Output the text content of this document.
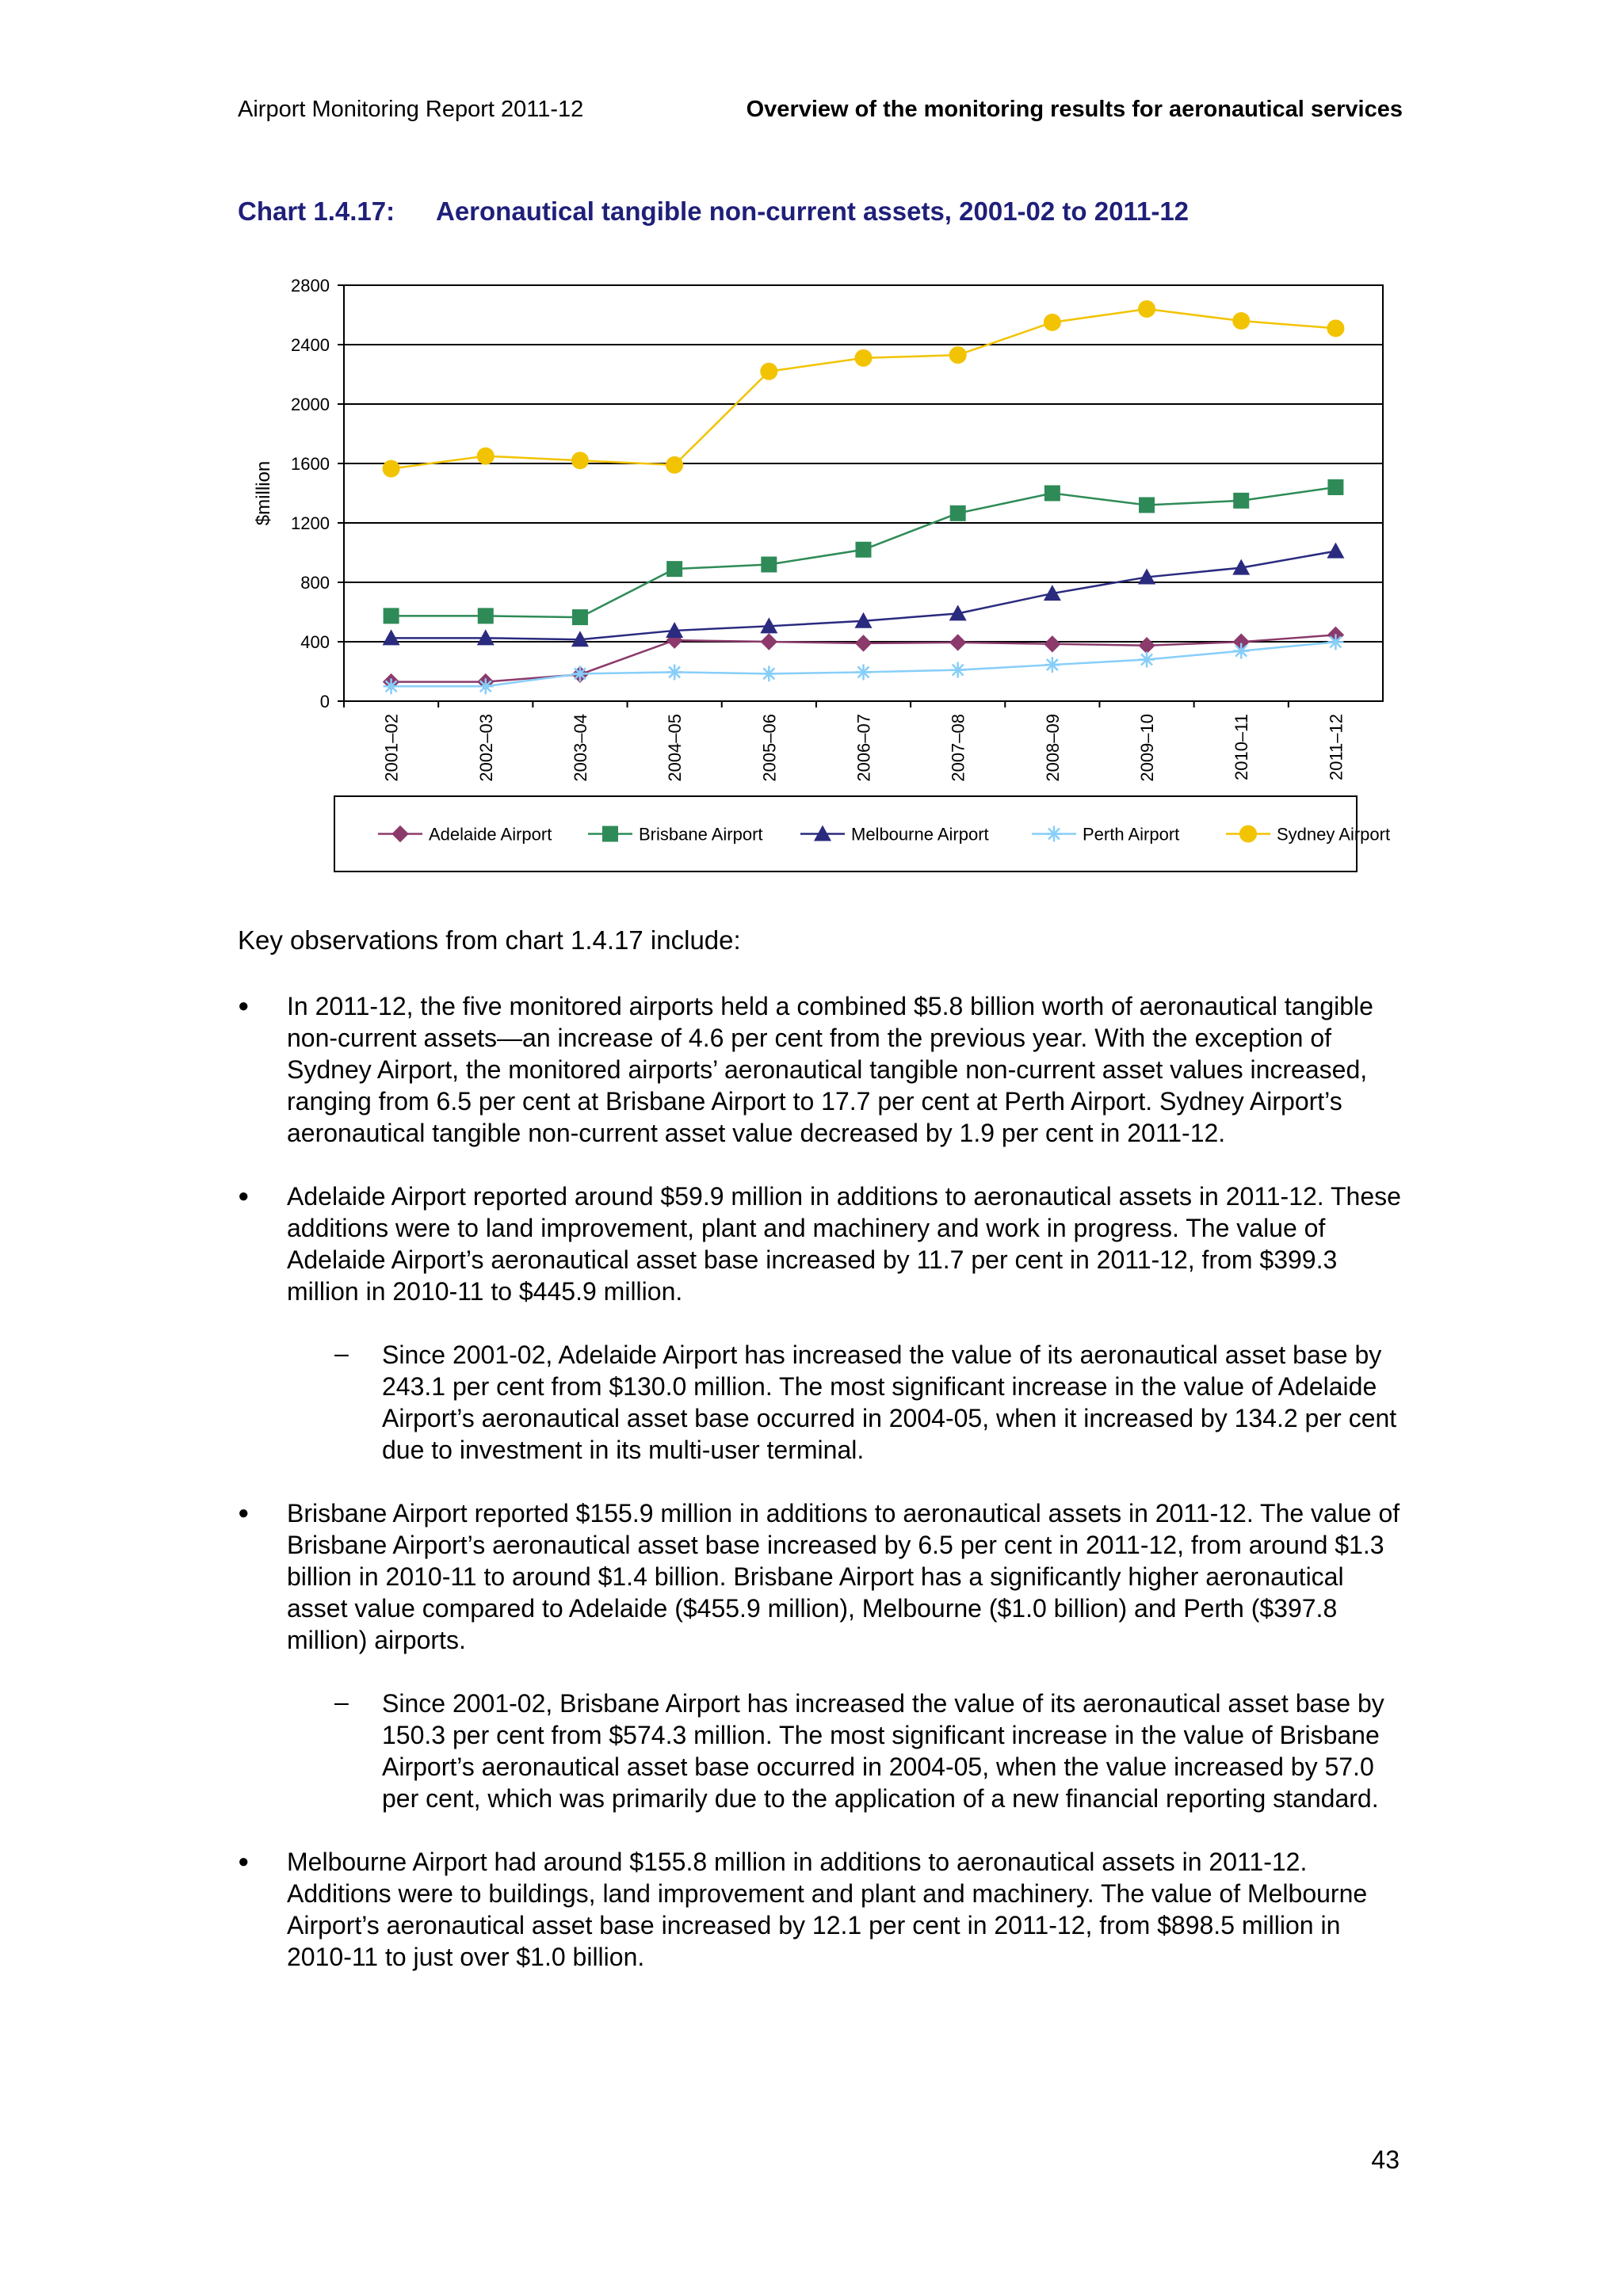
Airport Monitoring Report 2011-12	Overview of the monitoring results for aeronautical services
Chart 1.4.17: Aeronautical tangible non-current assets, 2001-02 to 2011-12
0
400
800
1200
1600
2000
2400
2800
$million
2001–02	2002–03	2003–04	2004–05	2005–06	2006–07	2007–08	2008–09	2009–10	2010–11	2011–12
Adelaide Airport	Brisbane Airport	Melbourne Airport	Perth Airport	Sydney Airport
Key observations from chart 1.4.17 include:
● In 2011-12, the five monitored airports held a combined $5.8 billion worth of aeronautical tangible non-current assets—an increase of 4.6 per cent from the previous year. With the exception of Sydney Airport, the monitored airports’ aeronautical tangible non-current asset values increased, ranging from 6.5 per cent at Brisbane Airport to 17.7 per cent at Perth Airport. Sydney Airport’s aeronautical tangible non-current asset value decreased by 1.9 per cent in 2011-12.
● Adelaide Airport reported around $59.9 million in additions to aeronautical assets in 2011-12. These additions were to land improvement, plant and machinery and work in progress. The value of Adelaide Airport’s aeronautical asset base increased by 11.7 per cent in 2011-12, from $399.3 million in 2010-11 to $445.9 million.
– Since 2001-02, Adelaide Airport has increased the value of its aeronautical asset base by 243.1 per cent from $130.0 million. The most significant increase in the value of Adelaide Airport’s aeronautical asset base occurred in 2004-05, when it increased by 134.2 per cent due to investment in its multi-user terminal.
● Brisbane Airport reported $155.9 million in additions to aeronautical assets in 2011-12. The value of Brisbane Airport’s aeronautical asset base increased by 6.5 per cent in 2011-12, from around $1.3 billion in 2010-11 to around $1.4 billion. Brisbane Airport has a significantly higher aeronautical asset value compared to Adelaide ($455.9 million), Melbourne ($1.0 billion) and Perth ($397.8 million) airports.
– Since 2001-02, Brisbane Airport has increased the value of its aeronautical asset base by 150.3 per cent from $574.3 million. The most significant increase in the value of Brisbane Airport’s aeronautical asset base occurred in 2004-05, when the value increased by 57.0 per cent, which was primarily due to the application of a new financial reporting standard.
● Melbourne Airport had around $155.8 million in additions to aeronautical assets in 2011-12. Additions were to buildings, land improvement and plant and machinery. The value of Melbourne Airport’s aeronautical asset base increased by 12.1 per cent in 2011-12, from $898.5 million in 2010-11 to just over $1.0 billion.
43
